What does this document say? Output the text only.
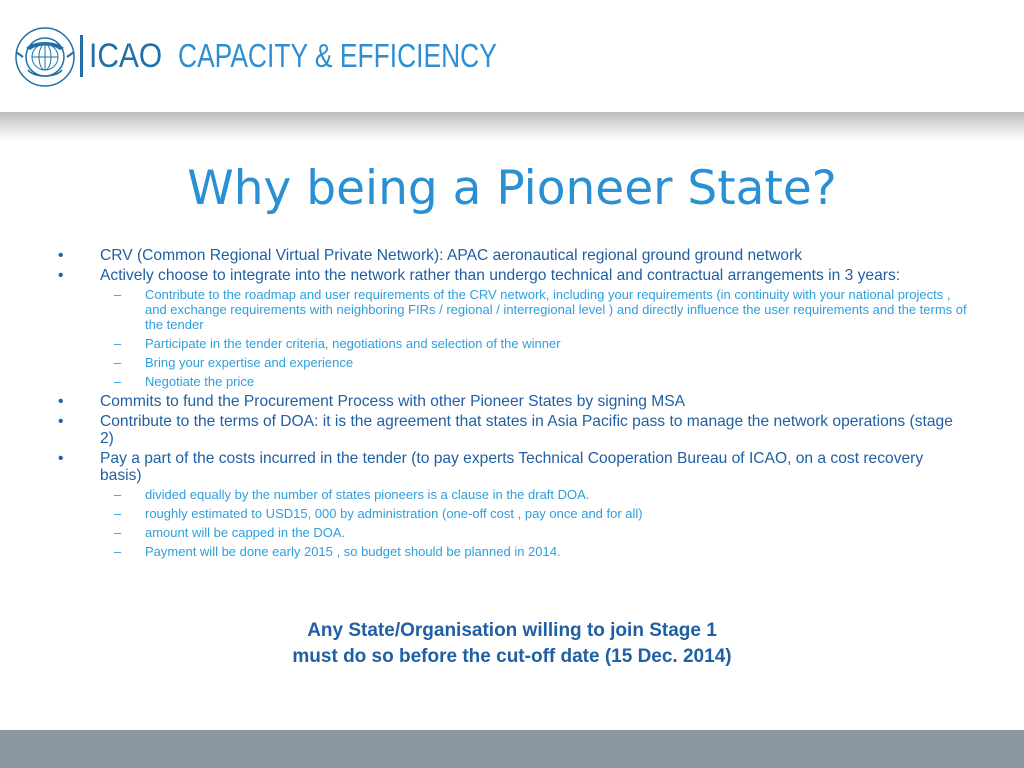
ICAO CAPACITY & EFFICIENCY
Why being a Pioneer State?
•	CRV (Common Regional Virtual Private Network): APAC aeronautical regional ground ground network
•	Actively choose to integrate into the network rather than undergo technical and contractual arrangements in 3 years:
– Contribute to the roadmap and user requirements of the CRV network, including your requirements (in continuity with your national projects , and exchange requirements with neighboring FIRs / regional / interregional level ) and directly influence the user requirements and the terms of the tender
– Participate in the tender criteria, negotiations and selection of the winner
– Bring your expertise and experience
– Negotiate the price
•	Commits to fund the Procurement Process with other Pioneer States by signing MSA
•	Contribute to the terms of DOA: it is the agreement that states in Asia Pacific pass to manage the network operations (stage 2)
•	Pay a part of the costs incurred in the tender (to pay experts Technical Cooperation Bureau of ICAO, on a cost recovery basis)
– divided equally by the number of states pioneers is a clause in the draft DOA.
– roughly estimated to USD15, 000 by administration (one-off cost , pay once and for all)
– amount will be capped in the DOA.
– Payment will be done early 2015 , so budget should be planned in 2014.
Any State/Organisation willing to join Stage 1
must do so before the cut-off date (15 Dec. 2014)
